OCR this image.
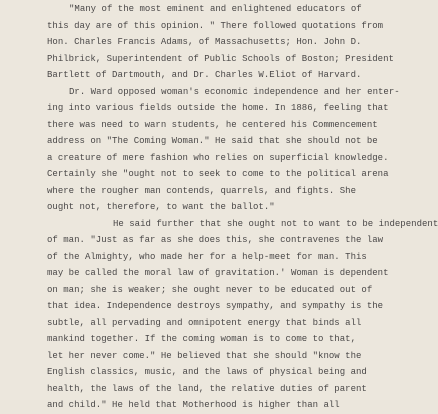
"Many of the most eminent and enlightened educators of
this day are of this opinion. " There followed quotations from
Hon. Charles Francis Adams, of Massachusetts; Hon. John D.
Philbrick, Superintendent of Public Schools of Boston; President
Bartlett of Dartmouth, and Dr. Charles W.Eliot of Harvard.
Dr. Ward opposed woman's economic independence and her enter-
ing into various fields outside the home. In 1886, feeling that
there was need to warn students, he centered his Commencement
address on "The Coming Woman." He said that she should not be
a creature of mere fashion who relies on superficial knowledge.
Certainly she "ought not to seek to come to the political arena
where the rougher man contends, quarrels, and fights. She
ought not, therefore, to want the ballot."
He said further that she ought not to want to be independent
of man. "Just as far as she does this, she contravenes the law
of the Almighty, who made her for a help-meet for man. This
may be called the moral law of gravitation.' Woman is dependent
on man; she is weaker; she ought never to be educated out of
that idea. Independence destroys sympathy, and sympathy is the
subtle, all pervading and omnipotent energy that binds all
mankind together. If the coming woman is to come to that,
let her never come." He believed that she should "know the
English classics, music, and the laws of physical being and
health, the laws of the land, the relative duties of parent
and child." He held that Motherhood is higher than all
